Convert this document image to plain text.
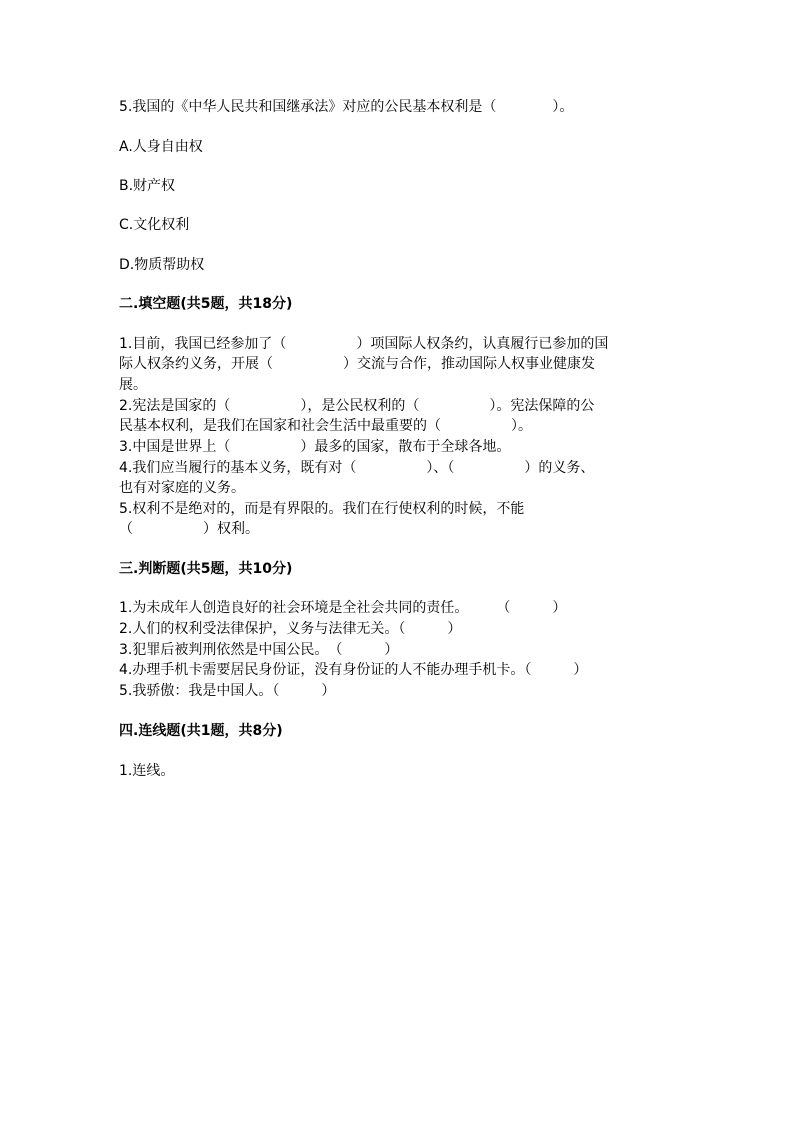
5.我国的《中华人民共和国继承法》对应的公民基本权利是（　　　　）。
A.人身自由权
B.财产权
C.文化权利
D.物质帮助权
二.填空题(共5题，共18分)
1.目前，我国已经参加了（　　　　　）项国际人权条约，认真履行已参加的国
际人权条约义务，开展（　　　　　）交流与合作，推动国际人权事业健康发
展。
2.宪法是国家的（　　　　　），是公民权利的（　　　　　）。宪法保障的公
民基本权利，是我们在国家和社会生活中最重要的（　　　　　）。
3.中国是世界上（　　　　　）最多的国家，散布于全球各地。
4.我们应当履行的基本义务，既有对（　　　　　）、（　　　　　）的义务、
也有对家庭的义务。
5.权利不是绝对的，而是有界限的。我们在行使权利的时候，不能
（　　　　　）权利。
三.判断题(共5题，共10分)
1.为未成年人创造良好的社会环境是全社会共同的责任。　　　（　　　）
2.人们的权利受法律保护，义务与法律无关。（　　　）
3.犯罪后被判刑依然是中国公民。　（　　　）
4.办理手机卡需要居民身份证，没有身份证的人不能办理手机卡。（　　　）
5.我骄傲：我是中国人。（　　　）
四.连线题(共1题，共8分)
1.连线。
